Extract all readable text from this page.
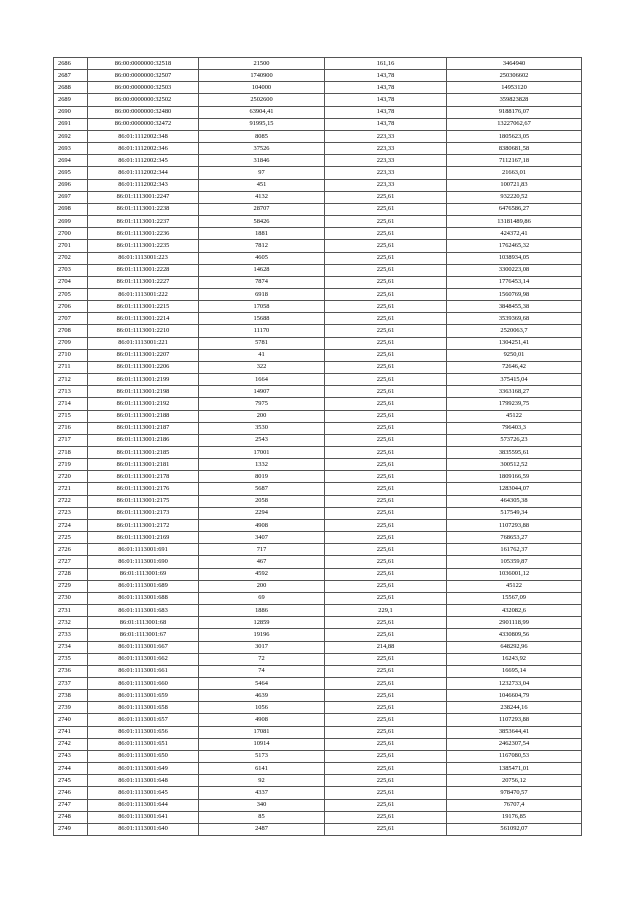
2686	86:00:0000000:32518	21500	161,16	3464940
2687	86:00:0000000:32507	1740900	143,78	250306602
2688	86:00:0000000:32503	104000	143,78	14953120
2689	86:00:0000000:32502	2502600	143,78	359823828
2690	86:00:0000000:32480	63904,41	143,78	9188176,07
2691	86:00:0000000:32472	91995,15	143,78	13227062,67
2692	86:01:1112002:348	8085	223,33	1805623,05
2693	86:01:1112002:346	37526	223,33	8380681,58
2694	86:01:1112002:345	31846	223,33	7112167,18
2695	86:01:1112002:344	97	223,33	21663,01
2696	86:01:1112002:343	451	223,33	100721,83
2697	86:01:1113001:2247	4132	225,61	932220,52
2698	86:01:1113001:2238	28707	225,61	6476586,27
2699	86:01:1113001:2237	58426	225,61	13181489,86
2700	86:01:1113001:2236	1881	225,61	424372,41
2701	86:01:1113001:2235	7812	225,61	1762465,32
2702	86:01:1113001:223	4605	225,61	1038934,05
2703	86:01:1113001:2228	14628	225,61	3300223,08
2704	86:01:1113001:2227	7874	225,61	1776453,14
2705	86:01:1113001:222	6918	225,61	1560769,98
2706	86:01:1113001:2215	17058	225,61	3848455,38
2707	86:01:1113001:2214	15688	225,61	3539369,68
2708	86:01:1113001:2210	11170	225,61	2520063,7
2709	86:01:1113001:221	5781	225,61	1304251,41
2710	86:01:1113001:2207	41	225,61	9250,01
2711	86:01:1113001:2206	322	225,61	72646,42
2712	86:01:1113001:2199	1664	225,61	375415,04
2713	86:01:1113001:2198	14907	225,61	3363168,27
2714	86:01:1113001:2192	7975	225,61	1799239,75
2715	86:01:1113001:2188	200	225,61	45122
2716	86:01:1113001:2187	3530	225,61	796403,3
2717	86:01:1113001:2186	2543	225,61	573726,23
2718	86:01:1113001:2185	17001	225,61	3835595,61
2719	86:01:1113001:2181	1332	225,61	300512,52
2720	86:01:1113001:2178	8019	225,61	1809166,59
2721	86:01:1113001:2176	5687	225,61	1283044,07
2722	86:01:1113001:2175	2058	225,61	464305,38
2723	86:01:1113001:2173	2294	225,61	517549,34
2724	86:01:1113001:2172	4908	225,61	1107293,88
2725	86:01:1113001:2169	3407	225,61	768653,27
2726	86:01:1113001:691	717	225,61	161762,37
2727	86:01:1113001:690	467	225,61	105359,87
2728	86:01:1113001:69	4592	225,61	1036001,12
2729	86:01:1113001:689	200	225,61	45122
2730	86:01:1113001:688	69	225,61	15567,09
2731	86:01:1113001:683	1886	229,1	432082,6
2732	86:01:1113001:68	12859	225,61	2901118,99
2733	86:01:1113001:67	19196	225,61	4330809,56
2734	86:01:1113001:667	3017	214,88	648292,96
2735	86:01:1113001:662	72	225,61	16243,92
2736	86:01:1113001:661	74	225,61	16695,14
2737	86:01:1113001:660	5464	225,61	1232733,04
2738	86:01:1113001:659	4639	225,61	1046604,79
2739	86:01:1113001:658	1056	225,61	238244,16
2740	86:01:1113001:657	4908	225,61	1107293,88
2741	86:01:1113001:656	17081	225,61	3853644,41
2742	86:01:1113001:651	10914	225,61	2462307,54
2743	86:01:1113001:650	5173	225,61	1167080,53
2744	86:01:1113001:649	6141	225,61	1385471,01
2745	86:01:1113001:648	92	225,61	20756,12
2746	86:01:1113001:645	4337	225,61	978470,57
2747	86:01:1113001:644	340	225,61	76707,4
2748	86:01:1113001:641	85	225,61	19176,85
2749	86:01:1113001:640	2487	225,61	561092,07
